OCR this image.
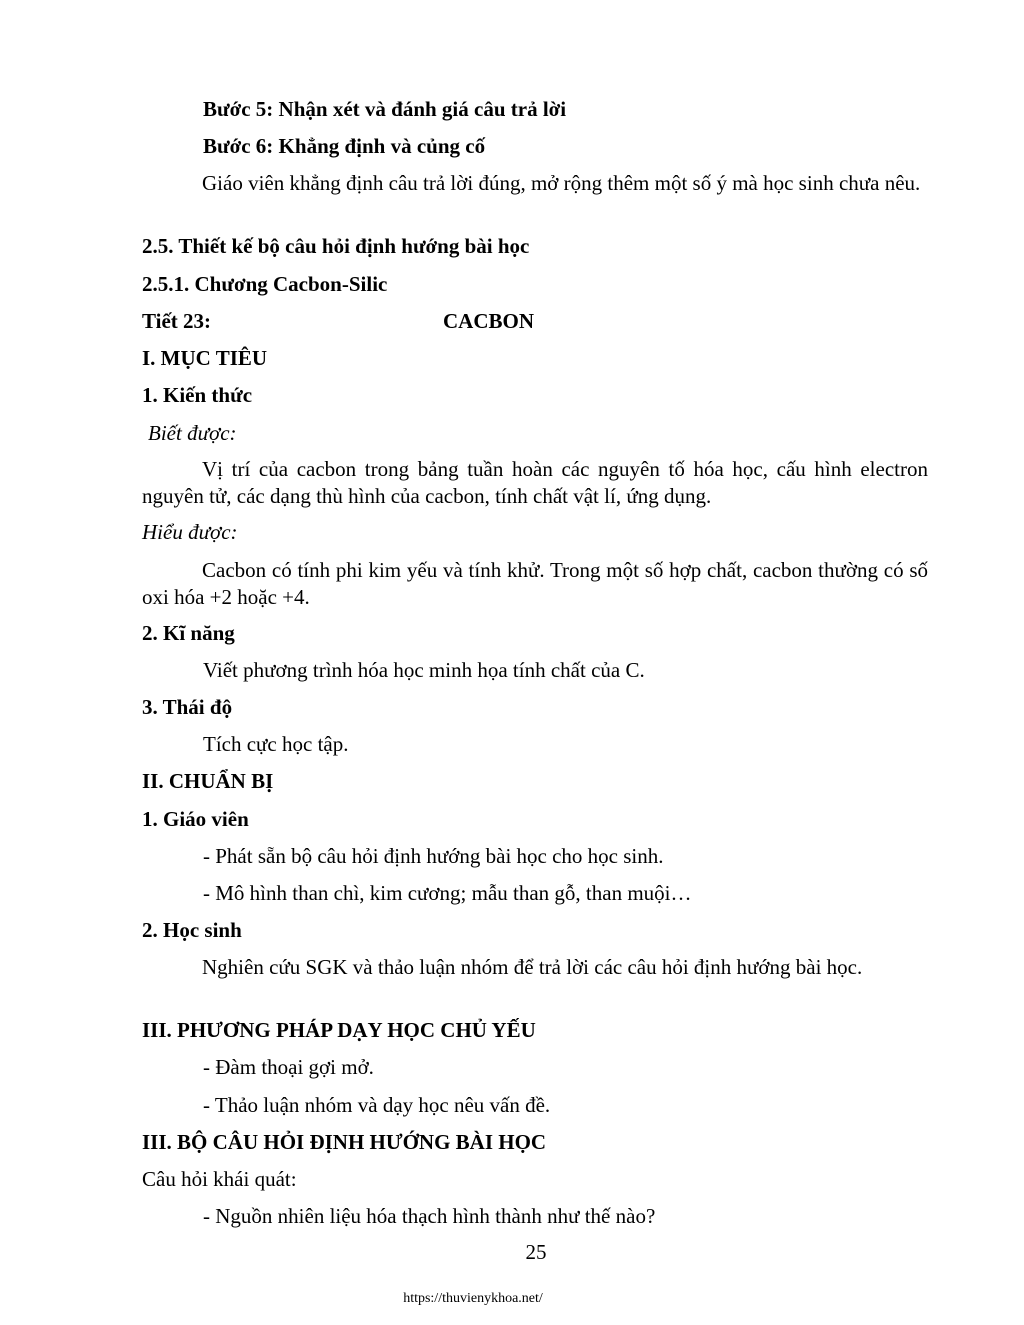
Bước 5: Nhận xét và đánh giá câu trả lời
Bước 6: Khẳng định và củng cố
Giáo viên khẳng định câu trả lời đúng, mở rộng thêm một số ý mà học sinh chưa nêu.
2.5. Thiết kế bộ câu hỏi định hướng bài học
2.5.1. Chương Cacbon-Silic
Tiết 23:	CACBON
I. MỤC TIÊU
1. Kiến thức
Biết được:
Vị trí của cacbon trong bảng tuần hoàn các nguyên tố hóa học, cấu hình electron nguyên tử, các dạng thù hình của cacbon, tính chất vật lí, ứng dụng.
Hiểu được:
Cacbon có tính phi kim yếu và tính khử. Trong một số hợp chất, cacbon thường có số oxi hóa +2 hoặc +4.
2. Kĩ năng
Viết phương trình hóa học minh họa tính chất của C.
3. Thái độ
Tích cực học tập.
II. CHUẨN BỊ
1. Giáo viên
- Phát sẵn bộ câu hỏi định hướng bài học cho học sinh.
- Mô hình than chì, kim cương; mẫu than gỗ, than muội…
2. Học sinh
Nghiên cứu SGK và thảo luận nhóm để trả lời các câu hỏi định hướng bài học.
III. PHƯƠNG PHÁP DẠY HỌC CHỦ YẾU
- Đàm thoại gợi mở.
- Thảo luận nhóm và dạy học nêu vấn đề.
III. BỘ CÂU HỎI ĐỊNH HƯỚNG BÀI HỌC
Câu hỏi khái quát:
- Nguồn nhiên liệu hóa thạch hình thành như thế nào?
25
https://thuvienykhoa.net/
